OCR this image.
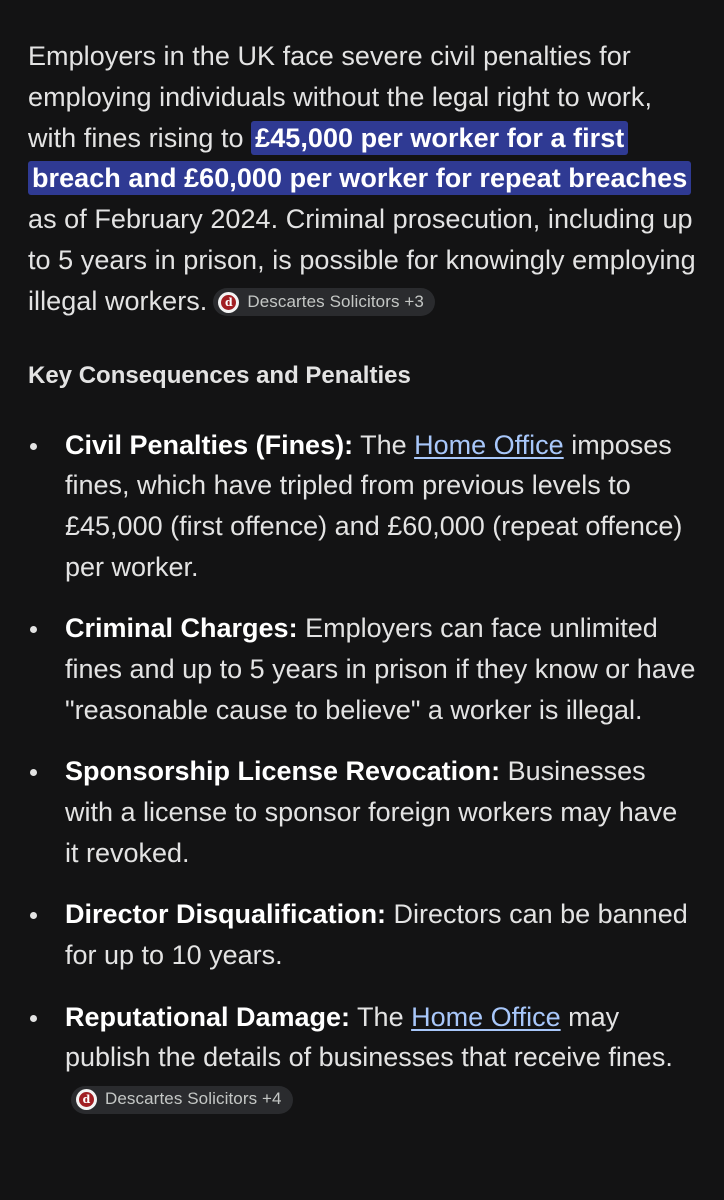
Employers in the UK face severe civil penalties for employing individuals without the legal right to work, with fines rising to £45,000 per worker for a first breach and £60,000 per worker for repeat breaches as of February 2024. Criminal prosecution, including up to 5 years in prison, is possible for knowingly employing illegal workers.	d Descartes Solicitors +3

Key Consequences and Penalties
Civil Penalties (Fines): The Home Office imposes fines, which have tripled from previous levels to £45,000 (first offence) and £60,000 (repeat offence) per worker.
Criminal Charges: Employers can face unlimited fines and up to 5 years in prison if they know or have "reasonable cause to believe" a worker is illegal.
Sponsorship License Revocation: Businesses with a license to sponsor foreign workers may have it revoked.
Director Disqualification: Directors can be banned for up to 10 years.
Reputational Damage: The Home Office may publish the details of businesses that receive fines.
d Descartes Solicitors +4
